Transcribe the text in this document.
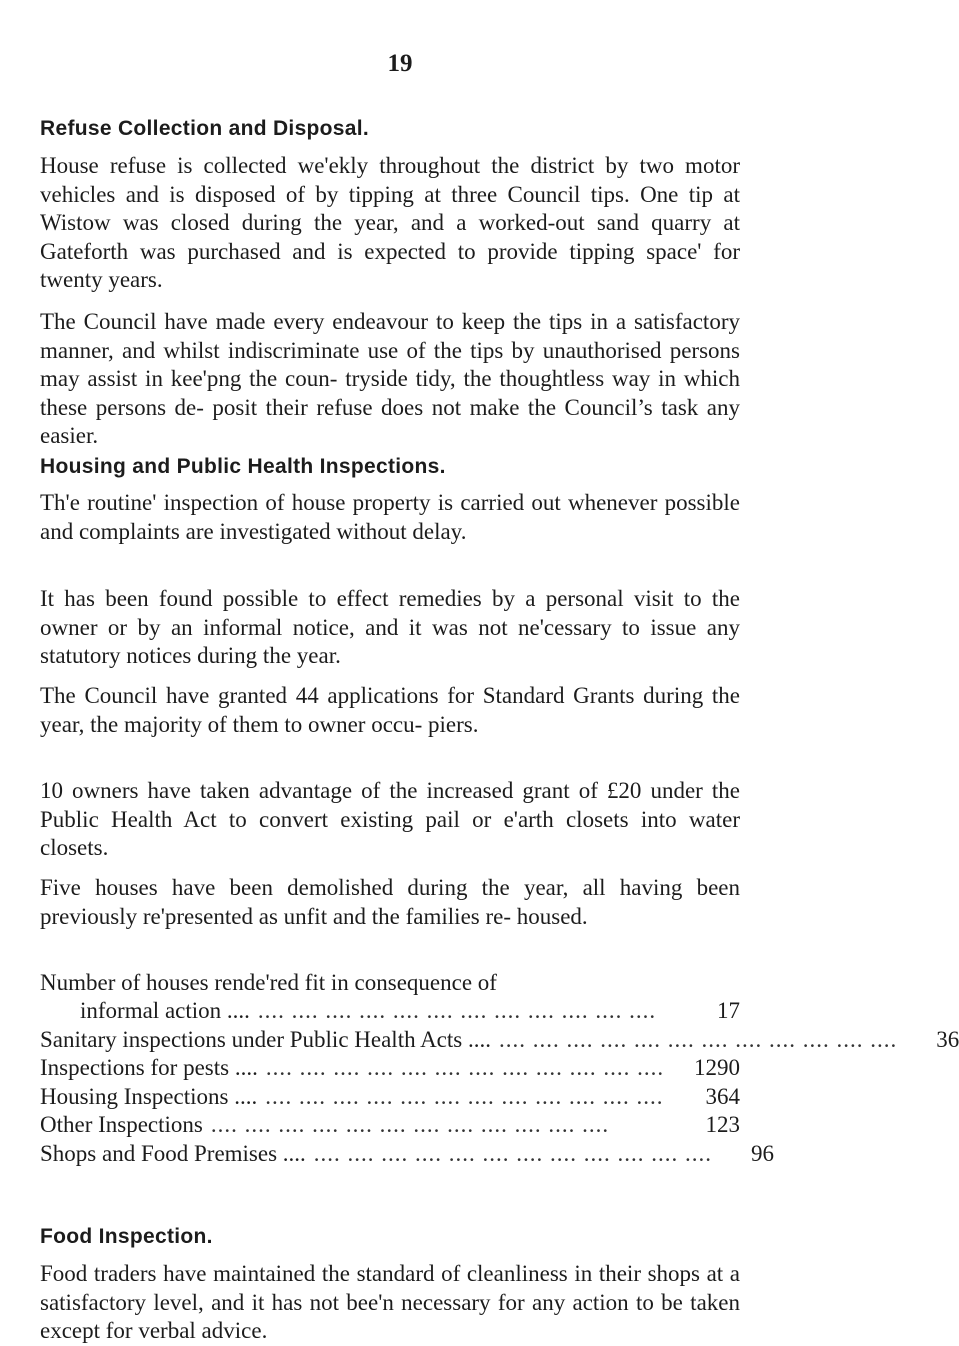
19
Refuse Collection and Disposal.

House refuse is collected we'ekly throughout the district by two motor vehicles and is disposed of by tipping at three Council tips. One tip at Wistow was closed during the year, and a worked-out sand quarry at Gateforth was purchased and is expected to provide tipping space' for twenty years.

The Council have made every endeavour to keep the tips in a satisfactory manner, and whilst indiscriminate use of the tips by unauthorised persons may assist in kee'png the coun- tryside tidy, the thoughtless way in which these persons de- posit their refuse does not make the Council’s task any easier.

Housing and Public Health Inspections.

Th'e routine' inspection of house property is carried out whenever possible and complaints are investigated without delay.

It has been found possible to effect remedies by a personal visit to the owner or by an informal notice, and it was not ne'cessary to issue any statutory notices during the year.

The Council have granted 44 applications for Standard Grants during the year, the majority of them to owner occu- piers.

10 owners have taken advantage of the increased grant of £20 under the Public Health Act to convert existing pail or e'arth closets into water closets.

Five houses have been demolished during the year, all having been previously re'presented as unfit and the families re- housed.

Number of houses rende'red fit in consequence of
informal action .... .... .... .... .... .... .... .... .... .... .... .... ....	17
Sanitary inspections under Public Health Acts .... .... .... .... .... .... .... .... .... .... .... .... ....	36
Inspections for pests .... .... .... .... .... .... .... .... .... .... .... .... ....	1290
Housing Inspections .... .... .... .... .... .... .... .... .... .... .... .... ....	364
Other Inspections .... .... .... .... .... .... .... .... .... .... .... ....	123
Shops and Food Premises .... .... .... .... .... .... .... .... .... .... .... .... ....	96
Food Inspection.

Food traders have maintained the standard of cleanliness in their shops at a satisfactory level, and it has not bee'n necessary for any action to be taken except for verbal advice.
